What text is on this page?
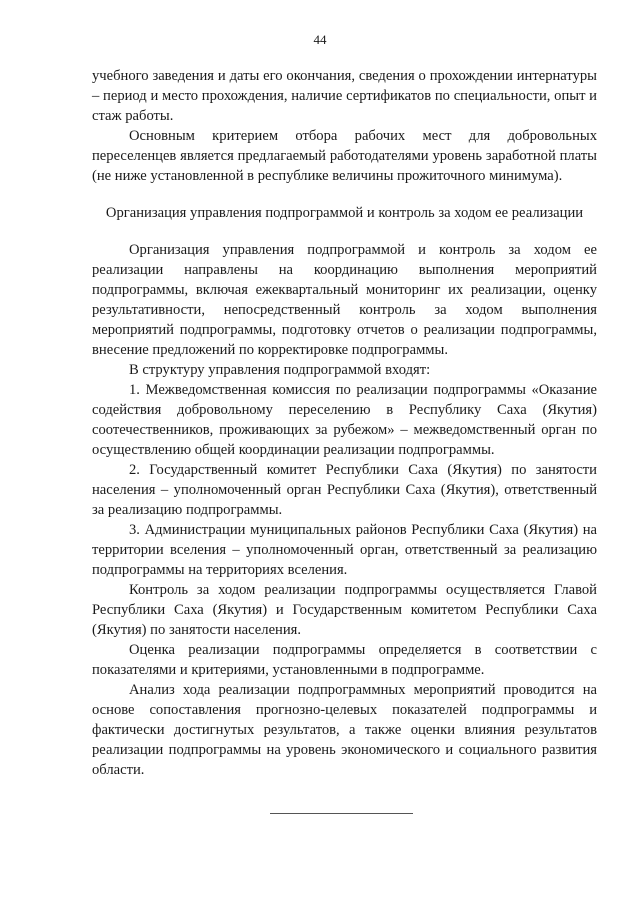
44

учебного заведения и даты его окончания, сведения о прохождении интернатуры – период и место прохождения, наличие сертификатов по специальности, опыт и стаж работы.

Основным критерием отбора рабочих мест для добровольных переселенцев является предлагаемый работодателями уровень заработной платы (не ниже установленной в республике величины прожиточного минимума).

Организация управления подпрограммой и контроль за ходом ее реализации

Организация управления подпрограммой и контроль за ходом ее реализации направлены на координацию выполнения мероприятий подпрограммы, включая ежеквартальный мониторинг их реализации, оценку результативности, непосредственный контроль за ходом выполнения мероприятий подпрограммы, подготовку отчетов о реализации подпрограммы, внесение предложений по корректировке подпрограммы.

В структуру управления подпрограммой входят:

1. Межведомственная комиссия по реализации подпрограммы «Оказание содействия добровольному переселению в Республику Саха (Якутия) соотечественников, проживающих за рубежом» – межведомственный орган по осуществлению общей координации реализации подпрограммы.

2. Государственный комитет Республики Саха (Якутия) по занятости населения – уполномоченный орган Республики Саха (Якутия), ответственный за реализацию подпрограммы.

3. Администрации муниципальных районов Республики Саха (Якутия) на территории вселения – уполномоченный орган, ответственный за реализацию подпрограммы на территориях вселения.

Контроль за ходом реализации подпрограммы осуществляется Главой Республики Саха (Якутия) и Государственным комитетом Республики Саха (Якутия) по занятости населения.

Оценка реализации подпрограммы определяется в соответствии с показателями и критериями, установленными в подпрограмме.

Анализ хода реализации подпрограммных мероприятий проводится на основе сопоставления прогнозно-целевых показателей подпрограммы и фактически достигнутых результатов, а также оценки влияния результатов реализации подпрограммы на уровень экономического и социального развития области.
